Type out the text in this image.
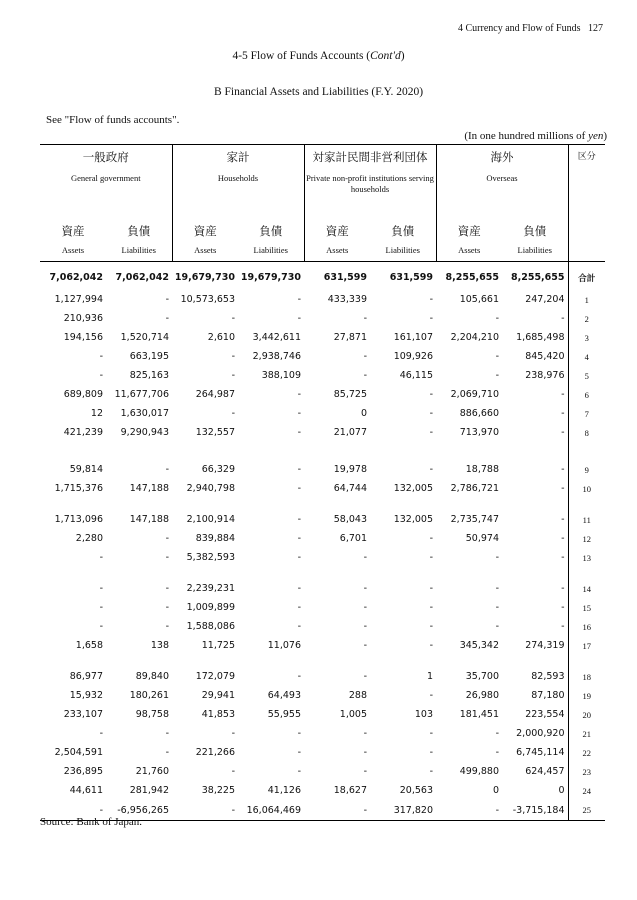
4 Currency and Flow of Funds 127
4-5 Flow of Funds Accounts (Cont'd)
B Financial Assets and Liabilities (F.Y. 2020)
See "Flow of funds accounts".
(In one hundred millions of yen)
一般政府		家計		対家計民間非営利団体		海外		区分
General government		Households		Private non-profit institutions serving households		Overseas		
資産	負債	資産	負債	資産	負債	資産	負債	
Assets	Liabilities	Assets	Liabilities	Assets	Liabilities	Assets	Liabilities	
7,062,042	7,062,042	19,679,730	19,679,730	631,599	631,599	8,255,655	8,255,655	合計
1,127,994	-	10,573,653	-	433,339	-	105,661	247,204	1
210,936	-	-	-	-	-	-	-	2
194,156	1,520,714	2,610	3,442,611	27,871	161,107	2,204,210	1,685,498	3
-	663,195	-	2,938,746	-	109,926	-	845,420	4
-	825,163	-	388,109	-	46,115	-	238,976	5
689,809	11,677,706	264,987	-	85,725	-	2,069,710	-	6
12	1,630,017	-	-	0	-	886,660	-	7
421,239	9,290,943	132,557	-	21,077	-	713,970	-	8
59,814	-	66,329	-	19,978	-	18,788	-	9
1,715,376	147,188	2,940,798	-	64,744	132,005	2,786,721	-	10
1,713,096	147,188	2,100,914	-	58,043	132,005	2,735,747	-	11
2,280	-	839,884	-	6,701	-	50,974	-	12
-	-	5,382,593	-	-	-	-	-	13
-	-	2,239,231	-	-	-	-	-	14
-	-	1,009,899	-	-	-	-	-	15
-	-	1,588,086	-	-	-	-	-	16
1,658	138	11,725	11,076	-	-	345,342	274,319	17
86,977	89,840	172,079	-	-	1	35,700	82,593	18
15,932	180,261	29,941	64,493	288	-	26,980	87,180	19
233,107	98,758	41,853	55,955	1,005	103	181,451	223,554	20
-	-	-	-	-	-	-	2,000,920	21
2,504,591	-	221,266	-	-	-	-	6,745,114	22
236,895	21,760	-	-	-	-	499,880	624,457	23
44,611	281,942	38,225	41,126	18,627	20,563	0	0	24
-	-6,956,265	-	16,064,469	-	317,820	-	-3,715,184	25
Source: Bank of Japan.
